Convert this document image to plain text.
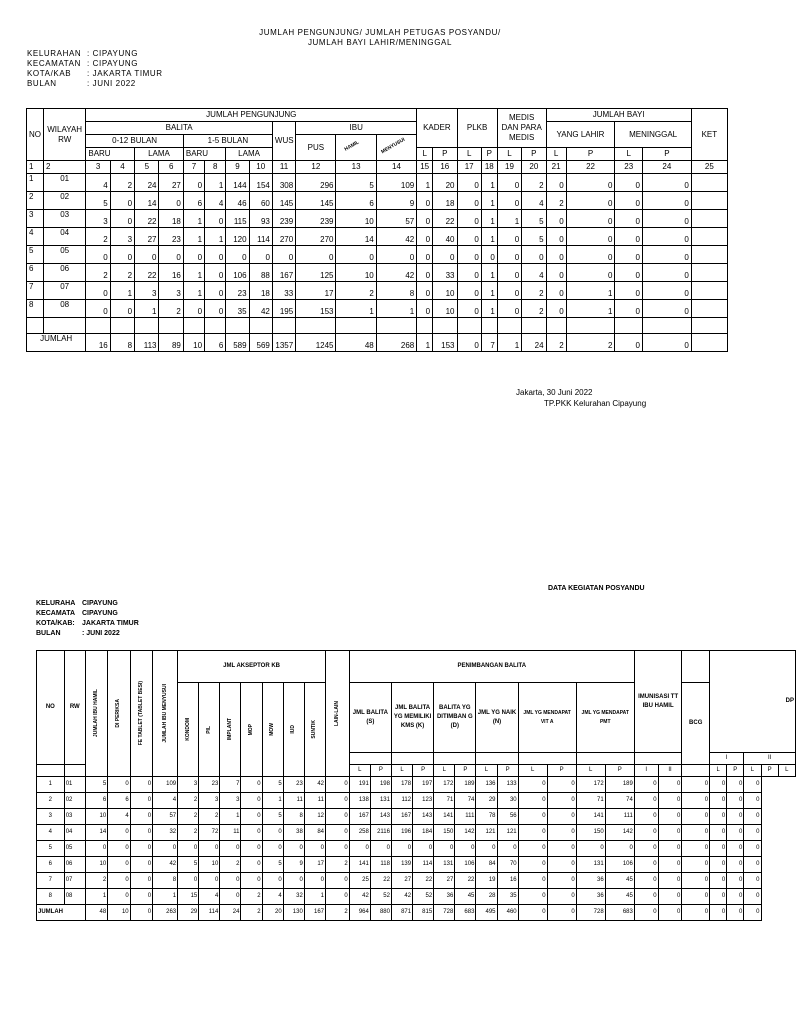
JUMLAH PENGUNJUNG/ JUMLAH PETUGAS POSYANDU/
JUMLAH BAYI LAHIR/MENINGGAL
KELURAHAN	: CIPAYUNG
KECAMATAN	: CIPAYUNG
KOTA/KAB	: JAKARTA TIMUR
BULAN	: JUNI 2022
NO	WILAYAH RW	JUMLAH PENGUNJUNG												KADER		PLKB		MEDIS DAN PARA MEDIS		JUMLAH BAYI				KET
		BALITA								WUS	IBU									YANG LAHIR		MENINGGAL		
		0-12 BULAN				1-5 BULAN					PUS	HAMIL	MENYUSUI											

		BARU		LAMA		BARU		LAMA						L	P	L	P	L	P	L	P	L	P	
1	2	3	4	5	6	7	8	9	10	11	12	13	14	15	16	17	18	19	20	21	22	23	24	25
1	01	4	2	24	27	0	1	144	154	308	296	5	109	1	20	0	1	0	2	0	0	0	0	
2	02	5	0	14	0	6	4	46	60	145	145	6	9	0	18	0	1	0	4	2	0	0	0	
3	03	3	0	22	18	1	0	115	93	239	239	10	57	0	22	0	1	1	5	0	0	0	0	
4	04	2	3	27	23	1	1	120	114	270	270	14	42	0	40	0	1	0	5	0	0	0	0	
5	05	0	0	0	0	0	0	0	0	0	0	0	0	0	0	0	0	0	0	0	0	0	0	
6	06	2	2	22	16	1	0	106	88	167	125	10	42	0	33	0	1	0	4	0	0	0	0	
7	07	0	1	3	3	1	0	23	18	33	17	2	8	0	10	0	1	0	2	0	1	0	0	
8	08	0	0	1	2	0	0	35	42	195	153	1	1	0	10	0	1	0	2	0	1	0	0	

JUMLAH		16	8	113	89	10	6	589	569	1357	1245	48	268	1	153	0	7	1	24	2	2	0	0	
Jakarta, 30 Juni 2022
TP.PKK Kelurahan Cipayung
DATA KEGIATAN POSYANDU
KELURAHA	CIPAYUNG
KECAMATA	CIPAYUNG
KOTA/KAB:	JAKARTA TIMUR
BULAN	: JUNI 2022
NO	RW	JUMLAH IBU HAMIL	DI PERIKSA	FE TABLET (TABLET BESI)	JUMLAH IBU MENYUSUI	JML AKSEPTOR KB							LAIN-LAIN	PENIMBANGAN BALITA												IMUNISASI TT IBU HAMIL			DP				

						KONDOM	PIL	IMPLANT	MOP	MOW	IUD	SUNTIK		JML BALITA (S)		JML BALITA YG MEMILIKI KMS (K)		BALITA YG DITIMBAN G (D)		JML YG NAIK (N)		JML YG MENDAPAT VIT A		JML YG MENDAPAT PMT				BCG					
																													I		II		
														L	P	L	P	L	P	L	P	L	P	L	P	I	II		L	P	L	P	L
1	01	5	0	0	109	3	23	7	0	5	23	42	0	191	198	178	197	172	189	136	133	0	0	172	189	0	0	0	0	0	0		
2	02	6	6	0	4	2	3	3	0	1	11	11	0	138	131	112	123	71	74	29	30	0	0	71	74	0	0	0	0	0	0		
3	03	10	4	0	57	2	2	1	0	5	8	12	0	167	143	167	143	141	111	78	56	0	0	141	111	0	0	0	0	0	0		
4	04	14	0	0	32	2	72	11	0	0	38	84	0	258	2116	196	184	150	142	121	121	0	0	150	142	0	0	0	0	0	0		
5	05	0	0	0	0	0	0	0	0	0	0	0	0	0	0	0	0	0	0	0	0	0	0	0	0	0	0	0	0	0	0		
6	06	10	0	0	42	5	10	2	0	5	9	17	2	141	118	139	114	131	106	84	70	0	0	131	106	0	0	0	0	0	0		
7	07	2	0	0	8	0	0	0	0	0	0	0	0	25	22	27	22	27	22	19	16	0	0	36	45	0	0	0	0	0	0		
8	08	1	0	0	1	15	4	0	2	4	32	1	0	42	52	42	52	36	45	28	35	0	0	36	45	0	0	0	0	0	0		
JUMLAH		48	10	0	263	29	114	24	2	20	130	167	2	964	880	871	815	728	683	495	460	0	0	728	683	0	0	0	0	0	0		
